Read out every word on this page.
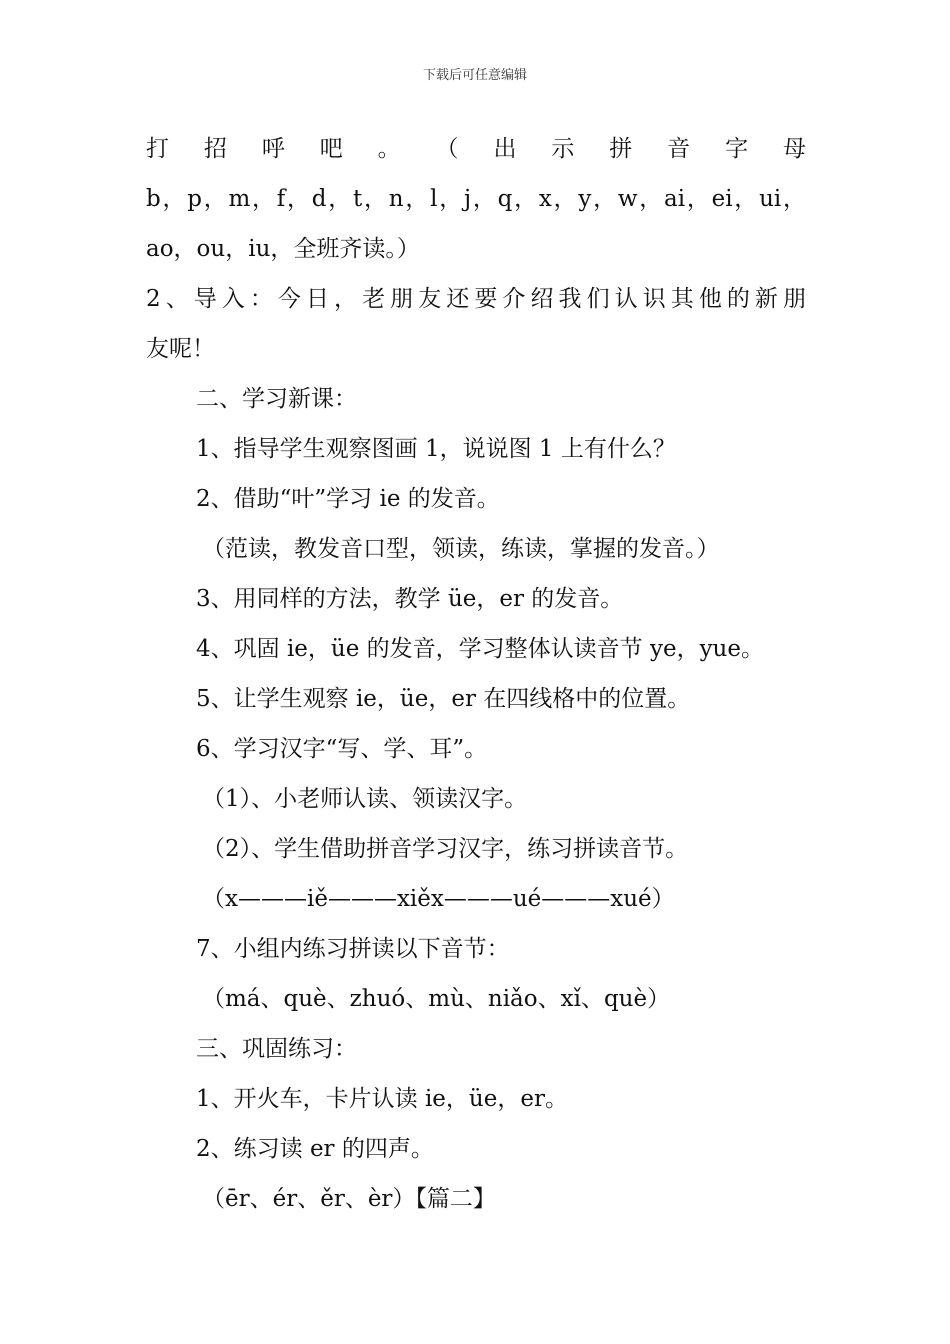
下载后可任意编辑
打 招 呼 吧 。 （ 出 示 拼 音 字 母
b，p，m，f，d，t，n，l，j，q，x，y，w，ai，ei，ui，
ao，ou，iu，全班齐读。）
2、导入：今日，老朋友还要介绍我们认识其他的新朋
友呢！
二、学习新课：
1、指导学生观察图画 1，说说图 1 上有什么？
2、借助“叶”学习 ie 的发音。
（范读，教发音口型，领读，练读，掌握的发音。）
3、用同样的方法，教学 üe，er 的发音。
4、巩固 ie，üe 的发音，学习整体认读音节 ye，yue。
5、让学生观察 ie，üe，er 在四线格中的位置。
6、学习汉字“写、学、耳”。
（1）、小老师认读、领读汉字。
（2）、学生借助拼音学习汉字，练习拼读音节。
（x———iě———xiěx———ué———xué）
7、小组内练习拼读以下音节：
（má、què、zhuó、mù、niǎo、xǐ、què）
三、巩固练习：
1、开火车，卡片认读 ie，üe，er。
2、练习读 er 的四声。
（ēr、ér、ěr、èr）【篇二】
